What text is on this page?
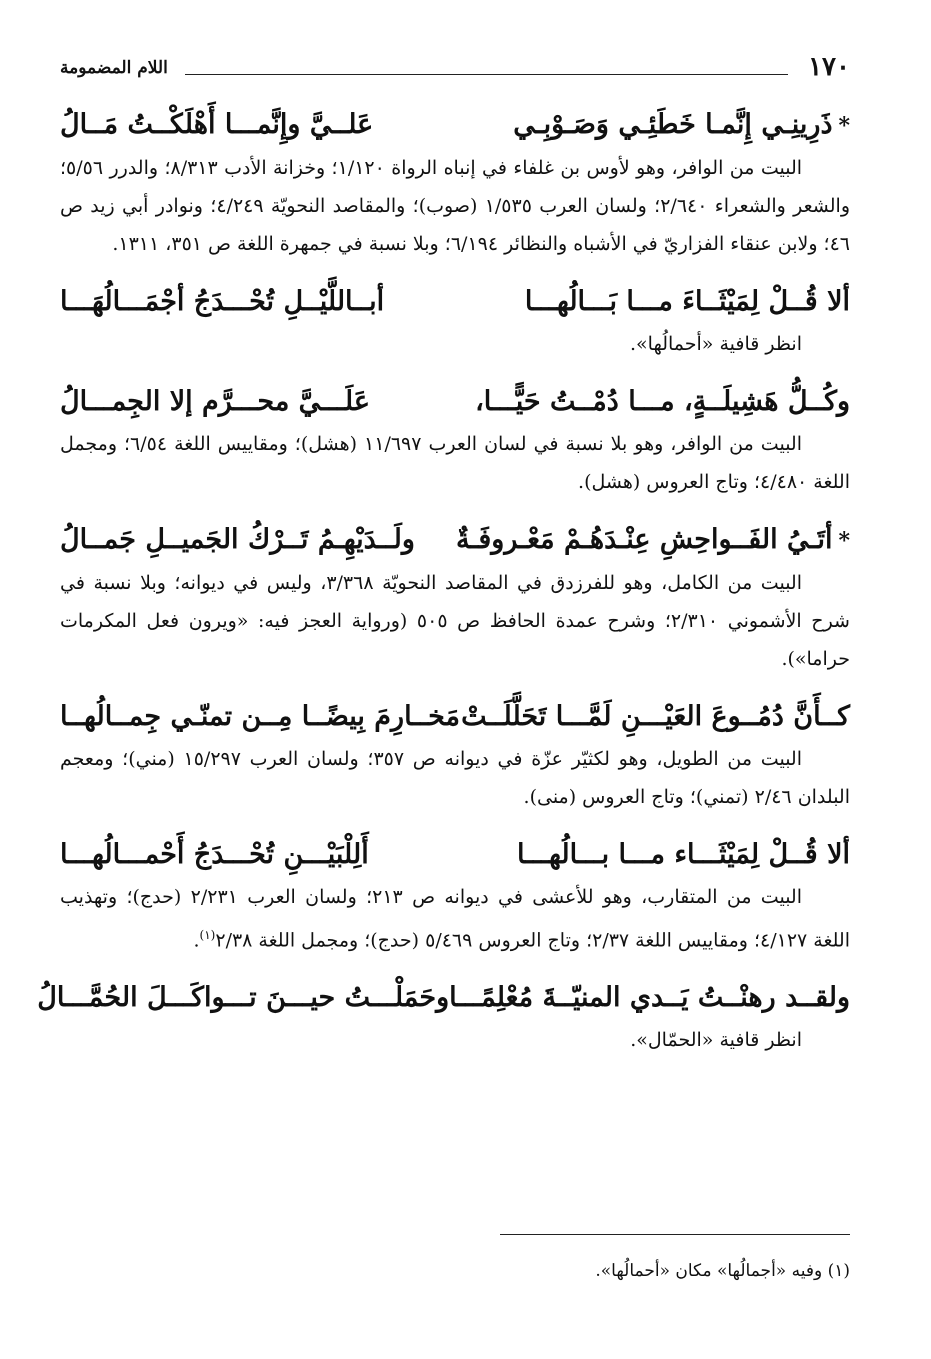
١٧٠
اللام المضمومة
*ذَرِينِـي إِنَّمـا خَطَئِـي وَصَـوْبِـي
عَلــيَّ وإِنَّمـــا أَهْلَكْــتُ مَــالُ
البيت من الوافر، وهو لأوس بن غلفاء في إنباه الرواة ١/١٢٠؛ وخزانة الأدب ٨/٣١٣؛ والدرر ٥/٥٦؛ والشعر والشعراء ٢/٦٤٠؛ ولسان العرب ١/٥٣٥ (صوب)؛ والمقاصد النحويّة ٤/٢٤٩؛ ونوادر أبي زيد ص ٤٦؛ ولابن عنقاء الفزاريّ في الأشباه والنظائر ٦/١٩٤؛ وبلا نسبة في جمهرة اللغة ص ٣٥١، ١٣١١.
ألا قُــلْ لِمَيْثَــاءَ مـــا بَـــالُهـــا
أبــاللَّيْــلِ تُحْـــدَجُ أجْمَـــالُهَـــا
انظر قافية «أحمالُها».
وكُــلُّ هَشِيلَــةٍ، مـــا دُمْــتُ حَيًّـــا،
عَلَـــيَّ محـــرَّم إلا الجِمـــالُ
البيت من الوافر، وهو بلا نسبة في لسان العرب ١١/٦٩٧ (هشل)؛ ومقاييس اللغة ٦/٥٤؛ ومجمل اللغة ٤/٤٨٠؛ وتاج العروس (هشل).
*أتَـيُ الفَــواحِشِ عِنْـدَهُـمْ مَعْـروفَـةٌ
ولَــدَيْهِـمُ تَــرْكُ الجَميــلِ جَمــالُ
البيت من الكامل، وهو للفرزدق في المقاصد النحويّة ٣/٣٦٨، وليس في ديوانه؛ وبلا نسبة في شرح الأشموني ٢/٣١٠؛ وشرح عمدة الحافظ ص ٥٠٥ (ورواية العجز فيه: «ويرون فعل المكرمات حراما»).
كــأَنَّ دُمُــوعَ العَيْـــنِ لَمَّـــا تَحَلَّلَــتْ
مَخــارِمَ بِيضًــا مِــن تمنّـي جِمــالُهــا
البيت من الطويل، وهو لكثيّر عزّة في ديوانه ص ٣٥٧؛ ولسان العرب ١٥/٢٩٧ (مني)؛ ومعجم البلدان ٢/٤٦ (تمني)؛ وتاج العروس (منى).
ألا قُــلْ لِمَيْثَـــاء مـــا بـــالُهـــا
أَلِلْبَيْـــنِ تُحْـــدَجُ أَحْمـــالُهـــا
البيت من المتقارب، وهو للأعشى في ديوانه ص ٢١٣؛ ولسان العرب ٢/٢٣١ (حدج)؛ وتهذيب اللغة ٤/١٢٧؛ ومقاييس اللغة ٢/٣٧؛ وتاج العروس ٥/٤٦٩ (حدج)؛ ومجمل اللغة ٢/٣٨$^{(١)}$.
ولقــد رهنْــتُ يَــدي المنيّــةَ مُعْلِمًـــا
وحَمَلْـــتُ حيـــنَ تـــواكَـــلَ الحُمَّـــالُ
انظر قافية «الحمّال».
(١) وفيه «أجمالُها» مكان «أحمالُها».
